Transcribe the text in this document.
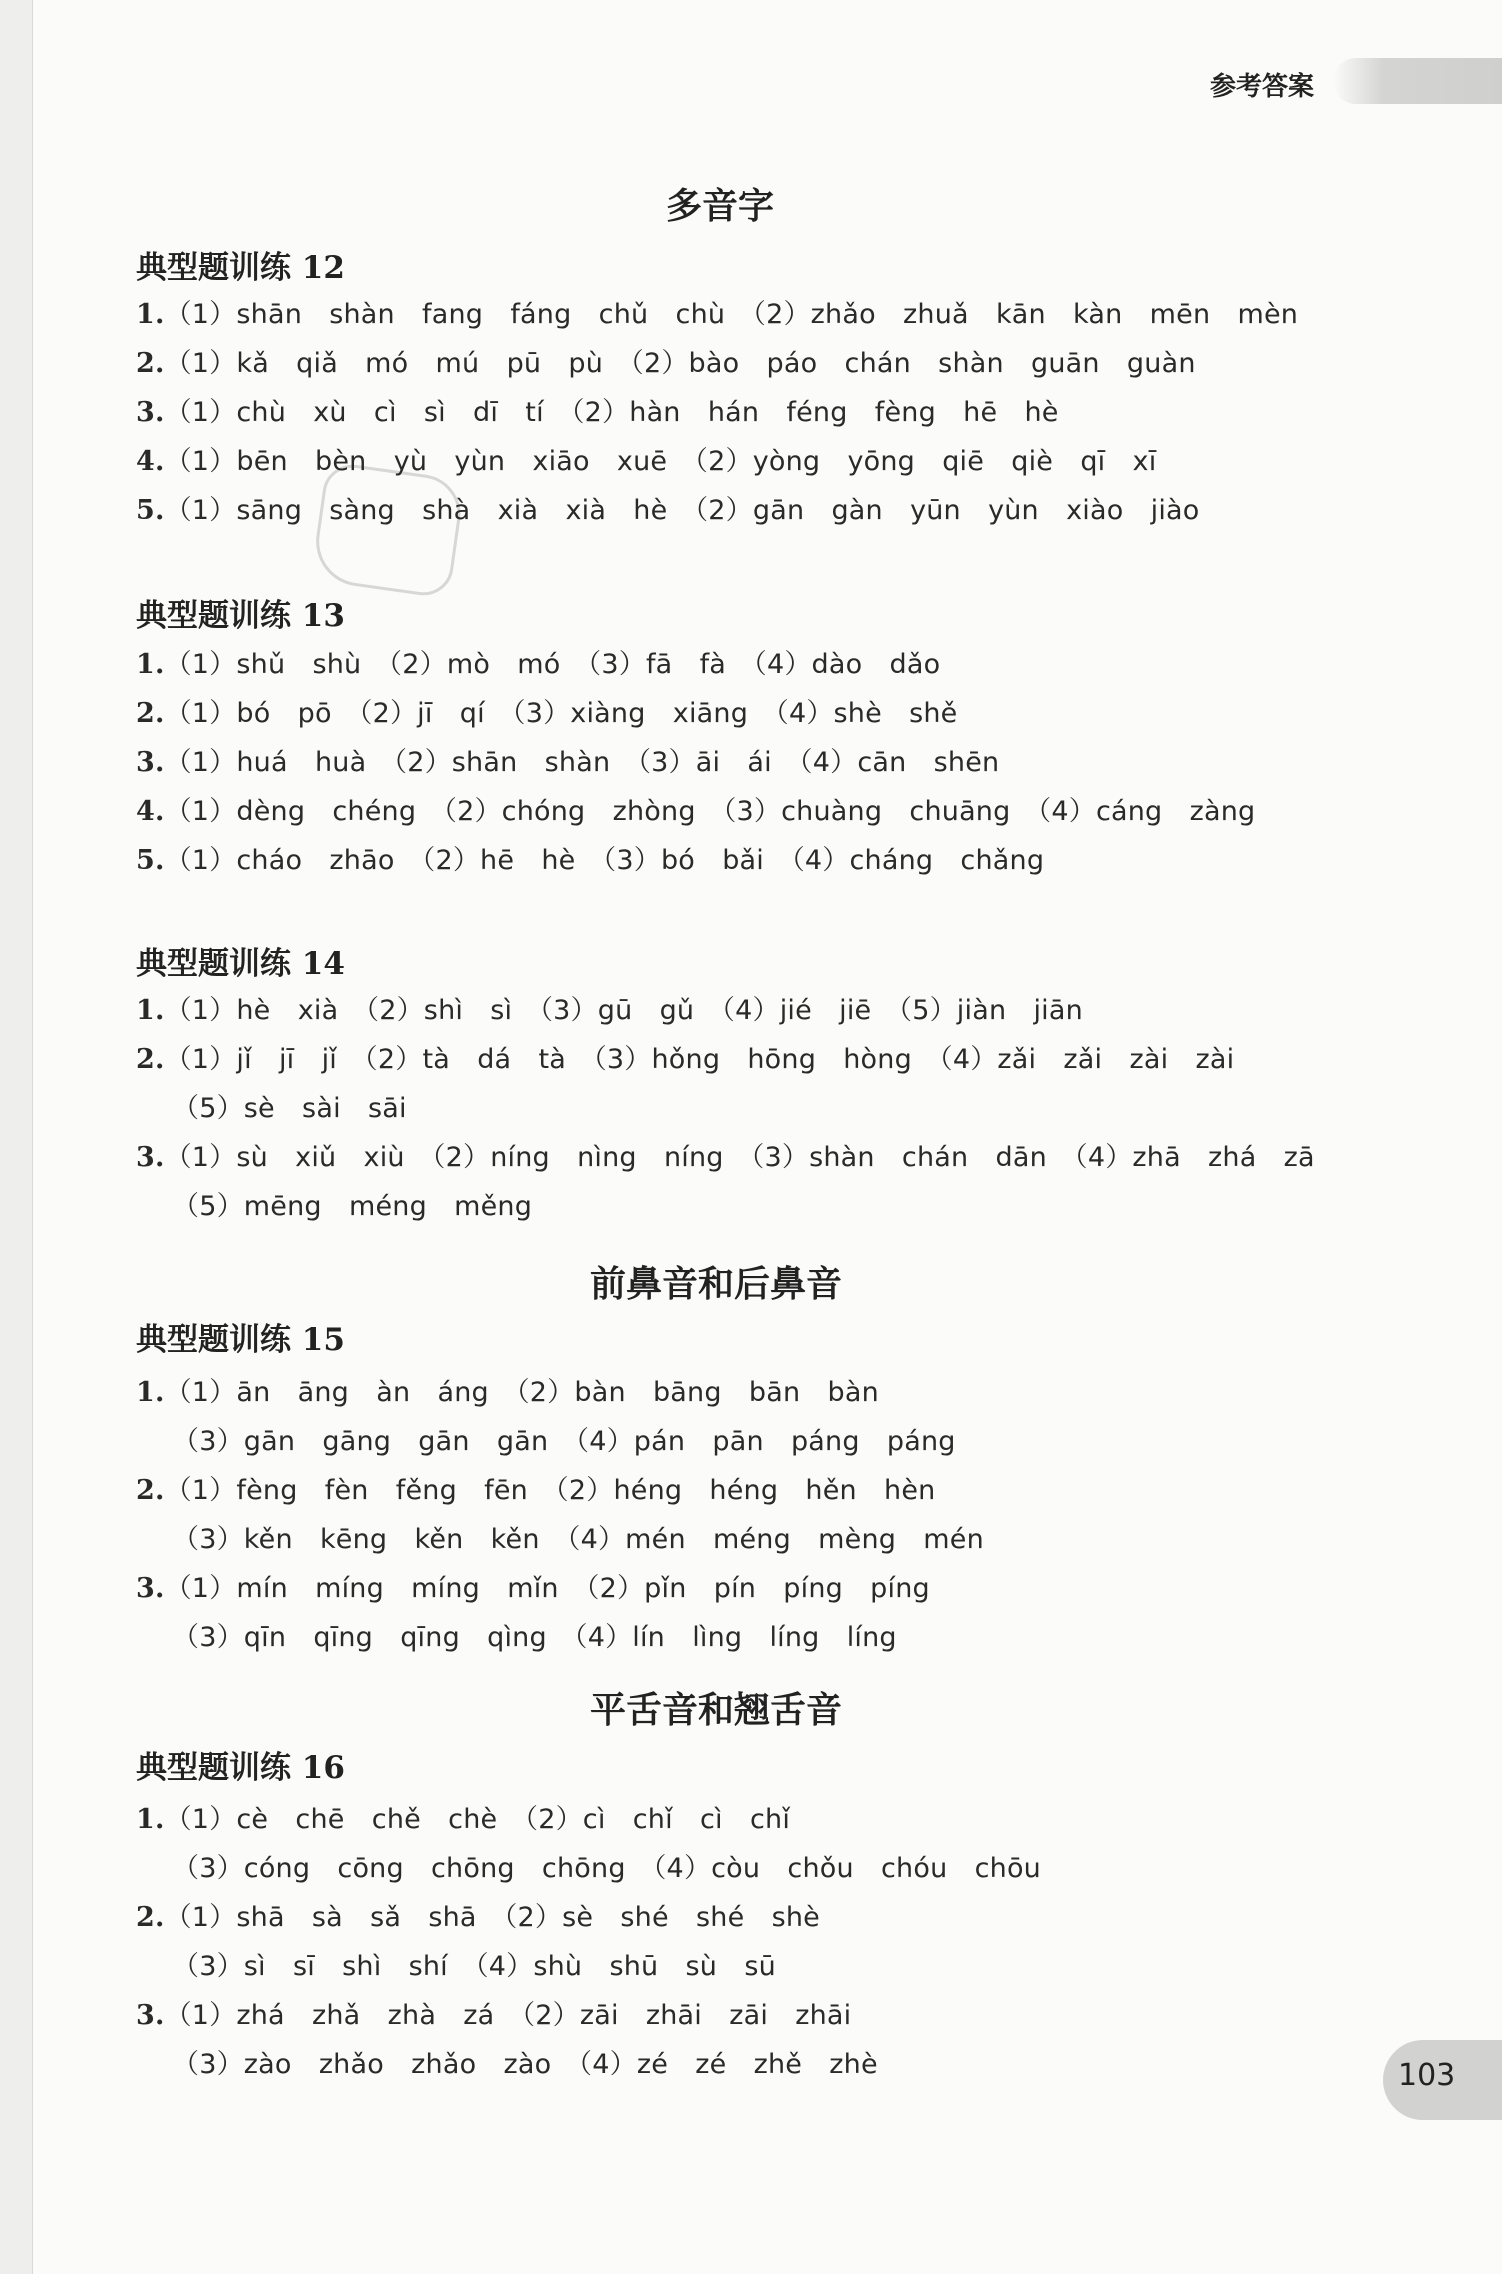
参考答案
103
多音字
前鼻音和后鼻音
平舌音和翘舌音
典型题训练 12
1.（1）shān　shàn　fang　fáng　chǔ　chù　（2）zhǎo　zhuǎ　kān　kàn　mēn　mèn
2.（1）kǎ　qiǎ　mó　mú　pū　pù　（2）bào　páo　chán　shàn　guān　guàn
3.（1）chù　xù　cì　sì　dī　tí　（2）hàn　hán　féng　fèng　hē　hè
4.（1）bēn　bèn　yù　yùn　xiāo　xuē　（2）yòng　yōng　qiē　qiè　qī　xī
5.（1）sāng　sàng　shà　xià　xià　hè　（2）gān　gàn　yūn　yùn　xiào　jiào
典型题训练 13
1.（1）shǔ　shù　（2）mò　mó　（3）fā　fà　（4）dào　dǎo
2.（1）bó　pō　（2）jī　qí　（3）xiàng　xiāng　（4）shè　shě
3.（1）huá　huà　（2）shān　shàn　（3）āi　ái　（4）cān　shēn
4.（1）dèng　chéng　（2）chóng　zhòng　（3）chuàng　chuāng　（4）cáng　zàng
5.（1）cháo　zhāo　（2）hē　hè　（3）bó　bǎi　（4）cháng　chǎng
典型题训练 14
1.（1）hè　xià　（2）shì　sì　（3）gū　gǔ　（4）jié　jiē　（5）jiàn　jiān
2.（1）jǐ　jī　jǐ　（2）tà　dá　tà　（3）hǒng　hōng　hòng　（4）zǎi　zǎi　zài　zài
（5）sè　sài　sāi
3.（1）sù　xiǔ　xiù　（2）níng　nìng　níng　（3）shàn　chán　dān　（4）zhā　zhá　zā
（5）mēng　méng　měng
典型题训练 15
1.（1）ān　āng　àn　áng　（2）bàn　bāng　bān　bàn
（3）gān　gāng　gān　gān　（4）pán　pān　páng　páng
2.（1）fèng　fèn　fěng　fēn　（2）héng　héng　hěn　hèn
（3）kěn　kēng　kěn　kěn　（4）mén　méng　mèng　mén
3.（1）mín　míng　míng　mǐn　（2）pǐn　pín　píng　píng
（3）qīn　qīng　qīng　qìng　（4）lín　lìng　líng　líng
典型题训练 16
1.（1）cè　chē　chě　chè　（2）cì　chǐ　cì　chǐ
（3）cóng　cōng　chōng　chōng　（4）còu　chǒu　chóu　chōu
2.（1）shā　sà　sǎ　shā　（2）sè　shé　shé　shè
（3）sì　sī　shì　shí　（4）shù　shū　sù　sū
3.（1）zhá　zhǎ　zhà　zá　（2）zāi　zhāi　zāi　zhāi
（3）zào　zhǎo　zhǎo　zào　（4）zé　zé　zhě　zhè
